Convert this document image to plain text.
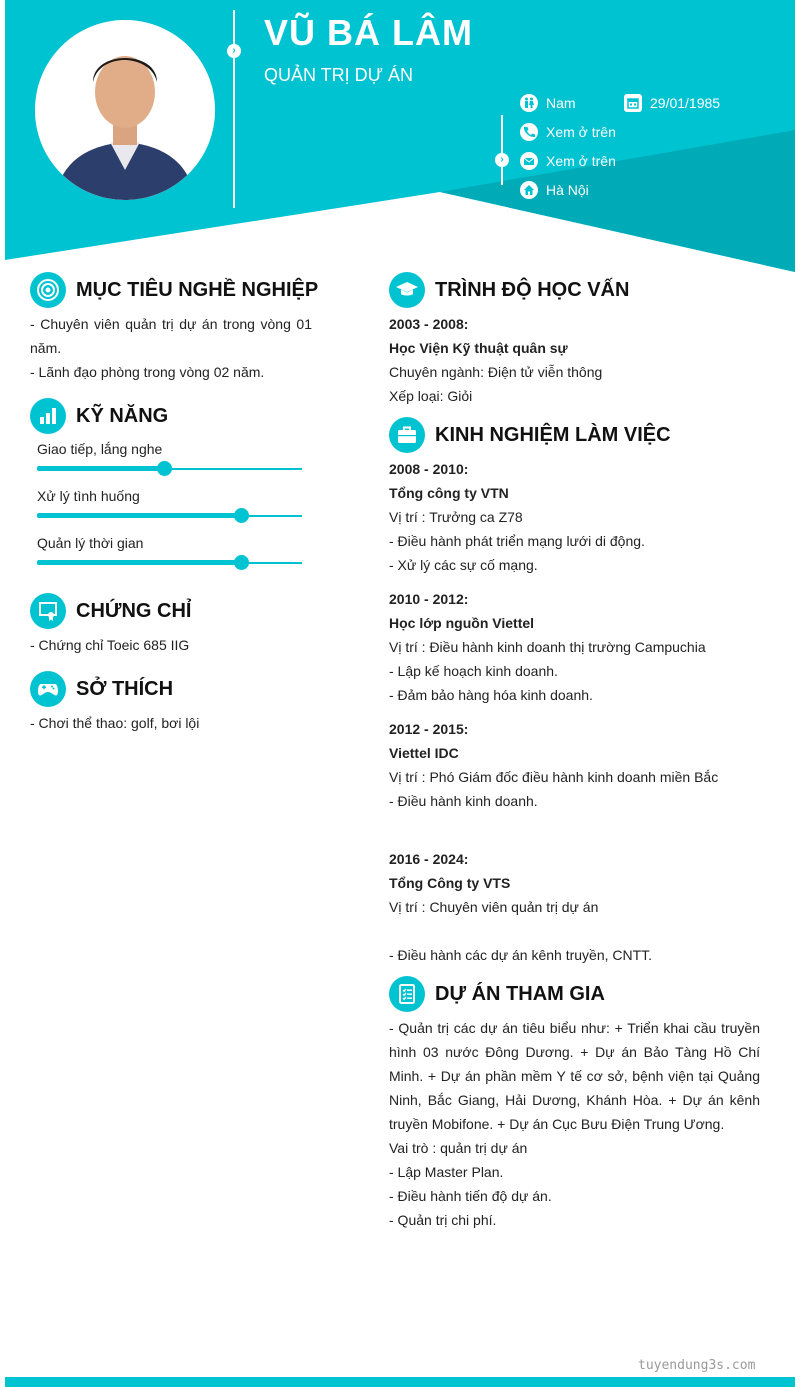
› VŨ BÁ LÂM
QUẢN TRỊ DỰ ÁN
›
Nam	29/01/1985
Xem ở trên
Xem ở trên
Hà Nội
MỤC TIÊU NGHỀ NGHIỆP
- Chuyên viên quản trị dự án trong vòng 01 năm.
- Lãnh đạo phòng trong vòng 02 năm.
KỸ NĂNG
Giao tiếp, lắng nghe
Xử lý tình huống
Quản lý thời gian
CHỨNG CHỈ
- Chứng chỉ Toeic 685 IIG
SỞ THÍCH
- Chơi thể thao: golf, bơi lội
TRÌNH ĐỘ HỌC VẤN
2003 - 2008:
Học Viện Kỹ thuật quân sự
Chuyên ngành: Điện tử viễn thông
Xếp loại: Giỏi
KINH NGHIỆM LÀM VIỆC
2008 - 2010:
Tổng công ty VTN
Vị trí : Trưởng ca Z78
- Điều hành phát triển mạng lưới di động.
- Xử lý các sự cố mạng.
2010 - 2012:
Học lớp nguồn Viettel
Vị trí : Điều hành kinh doanh thị trường Campuchia
- Lập kế hoạch kinh doanh.
- Đảm bảo hàng hóa kinh doanh.
2012 - 2015:
Viettel IDC
Vị trí : Phó Giám đốc điều hành kinh doanh miền Bắc
- Điều hành kinh doanh.
2016 - 2024:
Tổng Công ty VTS
Vị trí : Chuyên viên quản trị dự án
- Điều hành các dự án kênh truyền, CNTT.
DỰ ÁN THAM GIA
- Quản trị các dự án tiêu biểu như: + Triển khai cầu truyền hình 03 nước Đông Dương. + Dự án Bảo Tàng Hồ Chí Minh. + Dự án phần mềm Y tế cơ sở, bệnh viện tại Quảng Ninh, Bắc Giang, Hải Dương, Khánh Hòa. + Dự án kênh truyền Mobifone. + Dự án Cục Bưu Điện Trung Ương.
Vai trò : quản trị dự án
- Lập Master Plan.
- Điều hành tiến độ dự án.
- Quản trị chi phí.
tuyendung3s.com
